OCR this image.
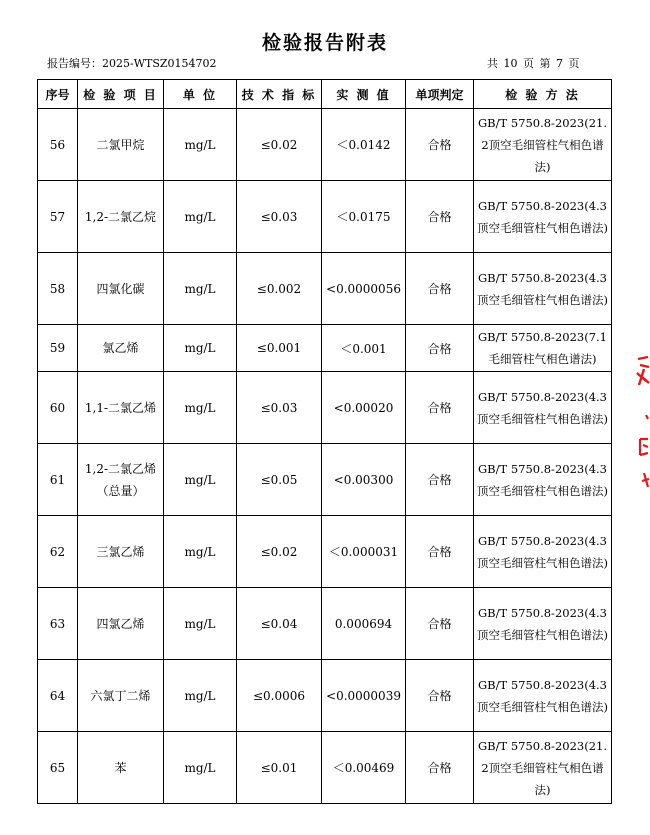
检验报告附表
报告编号：2025-WTSZ0154702	共 10 页 第 7 页
序号	检 验 项 目	单 位	技 术 指 标	实 测 值	单项判定	检 验 方 法
56	二氯甲烷	mg/L	≤0.02	＜0.0142	合格	GB/T 5750.8-2023(21.2顶空毛细管柱气相色谱法)
57	1,2-二氯乙烷	mg/L	≤0.03	＜0.0175	合格	GB/T 5750.8-2023(4.3顶空毛细管柱气相色谱法)
58	四氯化碳	mg/L	≤0.002	<0.0000056	合格	GB/T 5750.8-2023(4.3顶空毛细管柱气相色谱法)
59	氯乙烯	mg/L	≤0.001	＜0.001	合格	GB/T 5750.8-2023(7.1毛细管柱气相色谱法)
60	1,1-二氯乙烯	mg/L	≤0.03	<0.00020	合格	GB/T 5750.8-2023(4.3顶空毛细管柱气相色谱法)
61	1,2-二氯乙烯（总量）	mg/L	≤0.05	<0.00300	合格	GB/T 5750.8-2023(4.3顶空毛细管柱气相色谱法)
62	三氯乙烯	mg/L	≤0.02	＜0.000031	合格	GB/T 5750.8-2023(4.3顶空毛细管柱气相色谱法)
63	四氯乙烯	mg/L	≤0.04	0.000694	合格	GB/T 5750.8-2023(4.3顶空毛细管柱气相色谱法)
64	六氯丁二烯	mg/L	≤0.0006	<0.0000039	合格	GB/T 5750.8-2023(4.3顶空毛细管柱气相色谱法)
65	苯	mg/L	≤0.01	＜0.00469	合格	GB/T 5750.8-2023(21.2顶空毛细管柱气相色谱法)
